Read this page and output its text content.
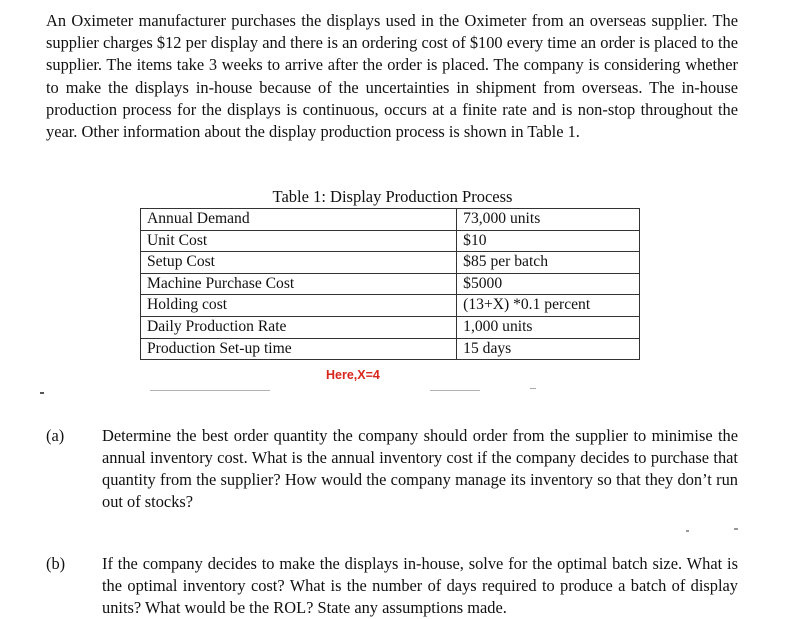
An Oximeter manufacturer purchases the displays used in the Oximeter from an overseas supplier. The supplier charges $12 per display and there is an ordering cost of $100 every time an order is placed to the supplier. The items take 3 weeks to arrive after the order is placed. The company is considering whether to make the displays in-house because of the uncertainties in shipment from overseas. The in-house production process for the displays is continuous, occurs at a finite rate and is non-stop throughout the year. Other information about the display production process is shown in Table 1.
Table 1: Display Production Process
Annual Demand	73,000 units
Unit Cost	$10
Setup Cost	$85 per batch
Machine Purchase Cost	$5000
Holding cost	(13+X) *0.1 percent
Daily Production Rate	1,000 units
Production Set-up time	15 days
Here,X=4
(a) Determine the best order quantity the company should order from the supplier to minimise the annual inventory cost. What is the annual inventory cost if the company decides to purchase that quantity from the supplier? How would the company manage its inventory so that they don’t run out of stocks?
(b) If the company decides to make the displays in-house, solve for the optimal batch size. What is the optimal inventory cost? What is the number of days required to produce a batch of display units? What would be the ROL? State any assumptions made.
